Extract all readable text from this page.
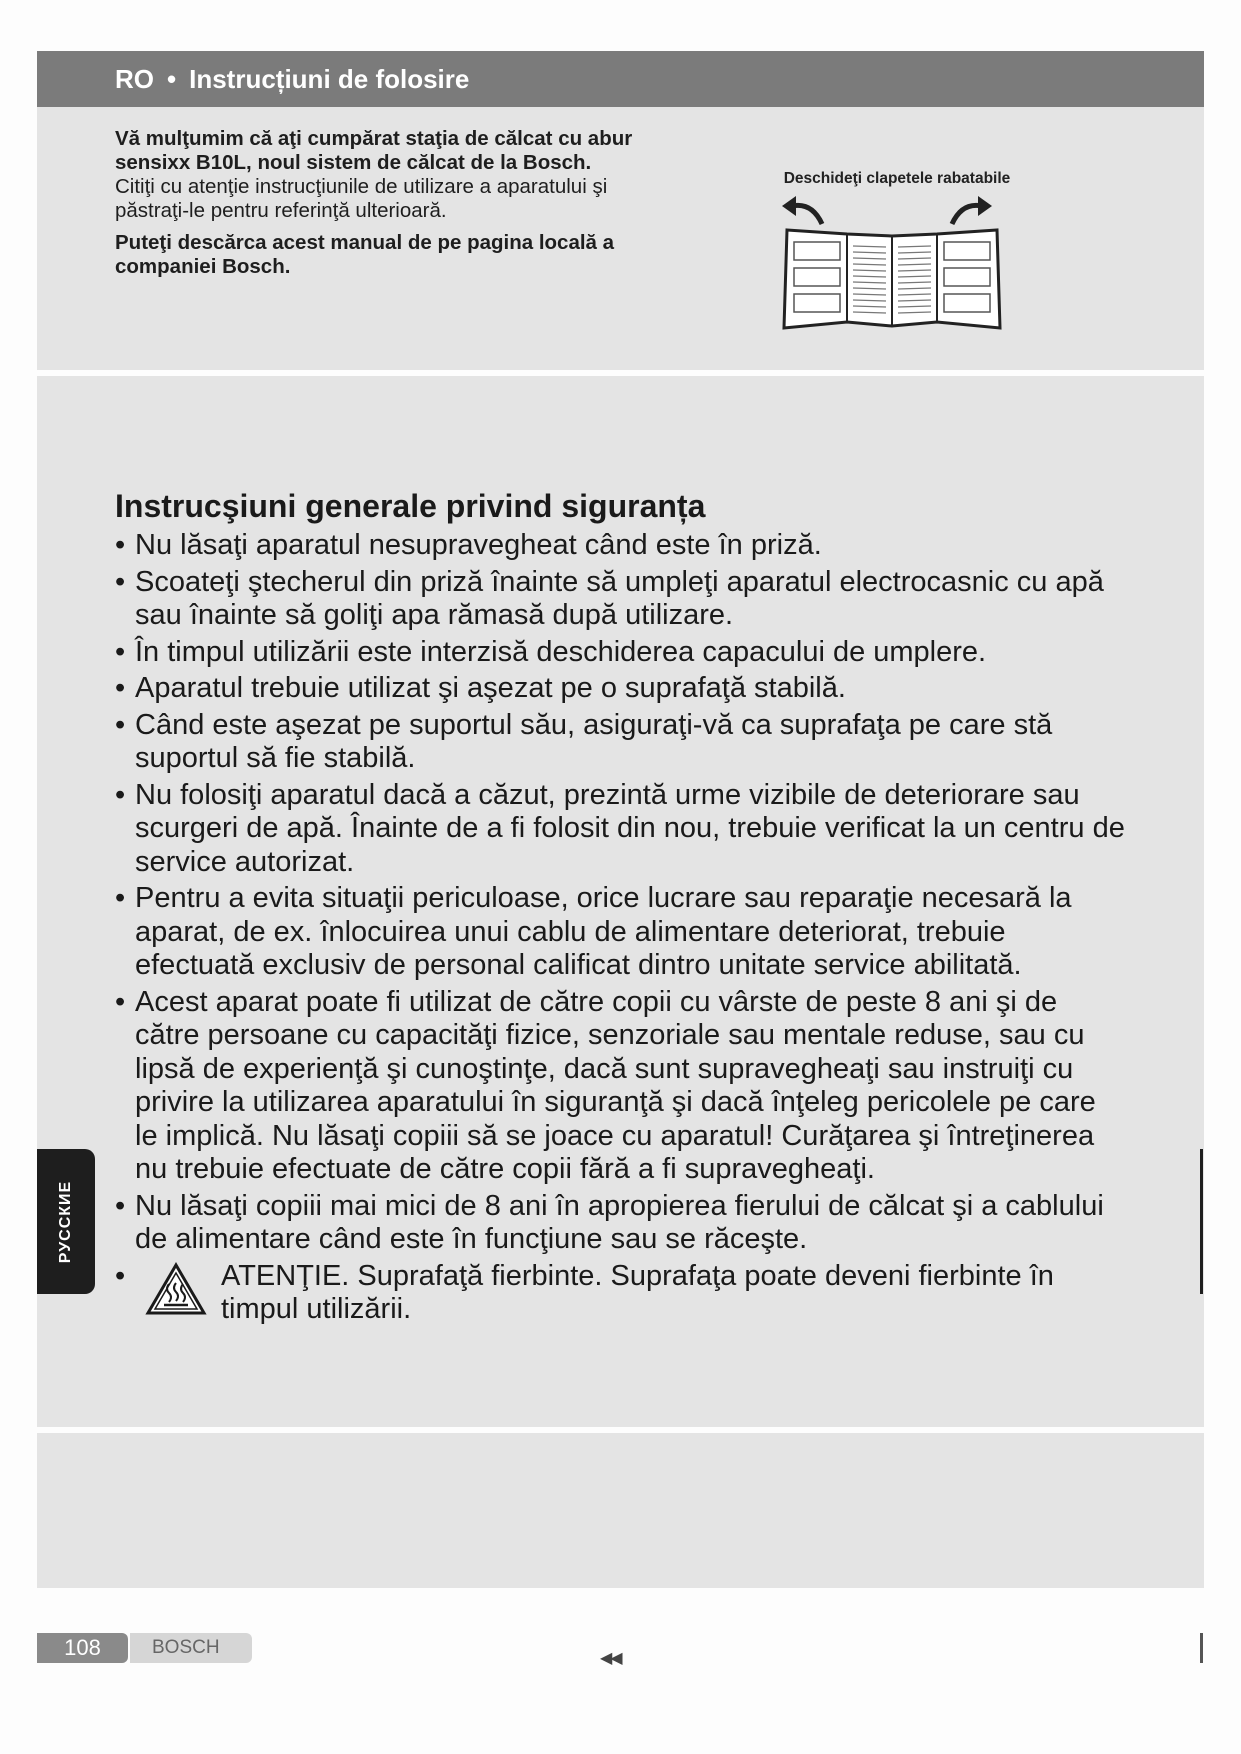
RO • Instrucțiuni de folosire

Vă mulţumim că aţi cumpărat staţia de călcat cu abur sensixx B10L, noul sistem de călcat de la Bosch.

Citiţi cu atenţie instrucţiunile de utilizare a aparatului şi păstraţi-le pentru referinţă ulterioară.

Puteţi descărca acest manual de pe pagina locală a companiei Bosch.

Deschideţi clapetele rabatabile
Instrucşiuni generale privind siguranța
• Nu lăsaţi aparatul nesupravegheat când este în priză.
• Scoateţi ştecherul din priză înainte să umpleţi aparatul electrocasnic cu apă sau înainte să goliţi apa rămasă după utilizare.
• În timpul utilizării este interzisă deschiderea capacului de umplere.
• Aparatul trebuie utilizat şi aşezat pe o suprafaţă stabilă.
• Când este aşezat pe suportul său, asiguraţi-vă ca suprafaţa pe care stă suportul să fie stabilă.
• Nu folosiţi aparatul dacă a căzut, prezintă urme vizibile de deteriorare sau scurgeri de apă. Înainte de a fi folosit din nou, trebuie verificat la un centru de service autorizat.
• Pentru a evita situaţii periculoase, orice lucrare sau reparaţie necesară la aparat, de ex. înlocuirea unui cablu de alimentare deteriorat, trebuie efectuată exclusiv de personal calificat dintro unitate service abilitată.
• Acest aparat poate fi utilizat de către copii cu vârste de peste 8 ani şi de către persoane cu capacităţi fizice, senzoriale sau mentale reduse, sau cu lipsă de experienţă şi cunoştinţe, dacă sunt supravegheaţi sau instruiţi cu privire la utilizarea aparatului în siguranţă şi dacă înţeleg pericolele pe care le implică. Nu lăsaţi copiii să se joace cu aparatul! Curăţarea şi întreţinerea nu trebuie efectuate de către copii fără a fi supravegheaţi.
• Nu lăsaţi copiii mai mici de 8 ani în apropierea fierului de călcat şi a cablului de alimentare când este în funcţiune sau se răceşte.
• ATENŢIE. Suprafaţă fierbinte. Suprafaţa poate deveni fierbinte în timpul utilizării.
РУССКИЕ
108	BOSCH
◀◀
